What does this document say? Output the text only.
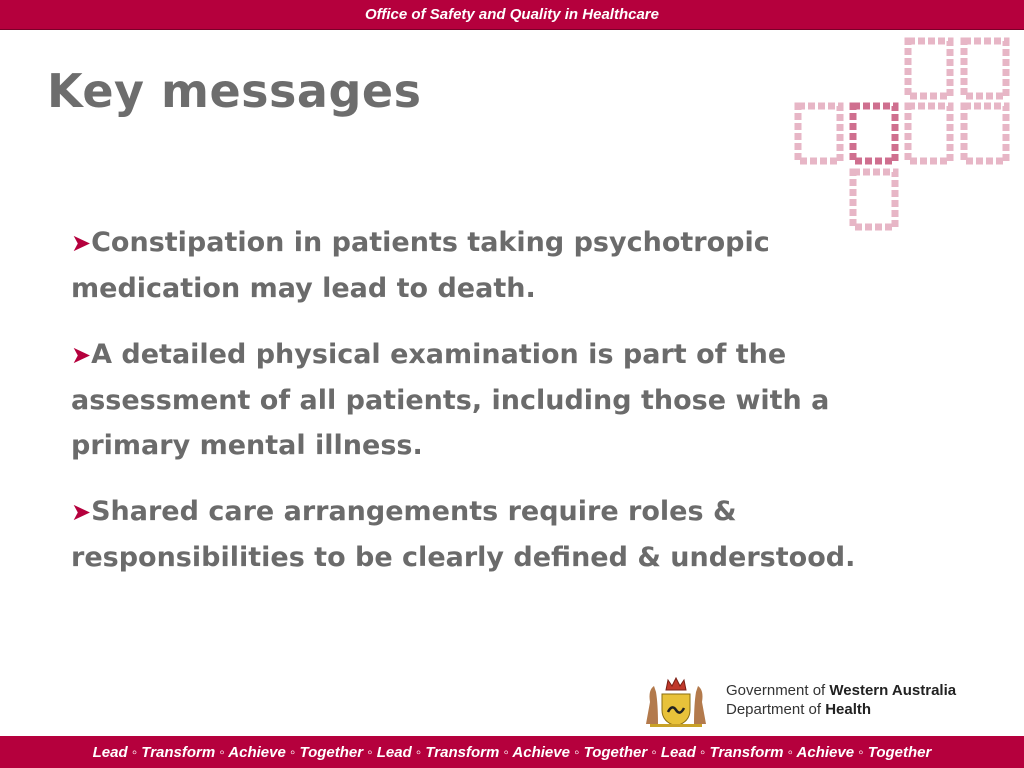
Office of Safety and Quality in Healthcare
Key messages

➤Constipation in patients taking psychotropic medication may lead to death.

➤A detailed physical examination is part of the assessment of all patients, including those with a primary mental illness.

➤Shared care arrangements require roles & responsibilities to be clearly defined & understood.

Government of Western Australia
Department of Health
Lead ◦ Transform ◦ Achieve ◦ Together ◦ Lead ◦ Transform ◦ Achieve ◦ Together ◦ Lead ◦ Transform ◦ Achieve ◦ Together
